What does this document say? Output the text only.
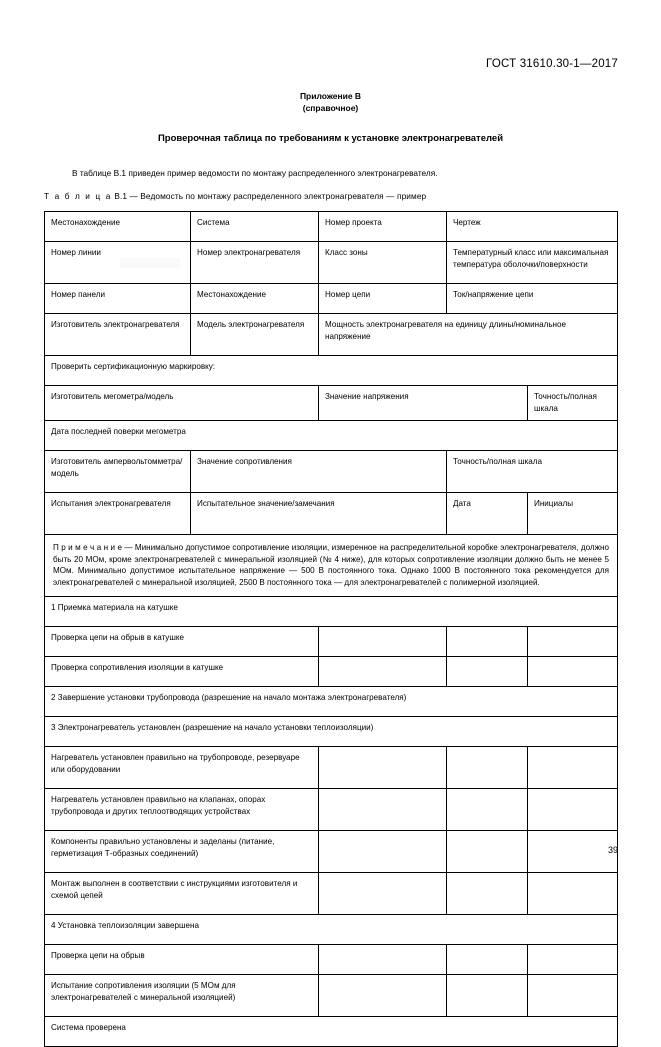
ГОСТ 31610.30-1—2017
Приложение В
(справочное)
Проверочная таблица по требованиям к установке электронагревателей
В таблице В.1 приведен пример ведомости по монтажу распределенного электронагревателя.
Т а б л и ц а В.1 — Ведомость по монтажу распределенного электронагревателя — пример
Местонахождение	Система	Номер проекта	Чертеж	
Номер линии	Номер электронагревателя	Класс зоны	Температурный класс или максимальная температура оболочки/поверхности	
Номер панели	Местонахождение	Номер цепи	Ток/напряжение цепи	
Изготовитель электронагревателя	Модель электронагревателя	Мощность электронагревателя на единицу длины/номинальное напряжение		
Проверить сертификационную маркировку:				
Изготовитель мегометра/модель		Значение напряжения		Точность/полная шкала
Дата последней поверки мегометра				
Изготовитель ампервольтомметра/модель	Значение сопротивления		Точность/полная шкала	
Испытания электронагревателя	Испытательное значение/замечания		Дата	Инициалы
П р и м е ч а н и е — Минимально допустимое сопротивление изоляции, измеренное на распределительной коробке электронагревателя, должно быть 20 МОм, кроме электронагревателей с минеральной изоляцией (№ 4 ниже), для которых сопротивление изоляции должно быть не менее 5 МОм. Минимально допустимое испытательное напряжение — 500 В постоянного тока. Однако 1000 В постоянного тока рекомендуется для электронагревателей с минеральной изоляцией, 2500 В постоянного тока — для электронагревателей с полимерной изоляцией.				
1 Приемка материала на катушке				
Проверка цепи на обрыв в катушке				
Проверка сопротивления изоляции в катушке				
2 Завершение установки трубопровода (разрешение на начало монтажа электронагревателя)				
3 Электронагреватель установлен (разрешение на начало установки теплоизоляции)				
Нагреватель установлен правильно на трубопроводе, резервуаре или оборудовании				
Нагреватель установлен правильно на клапанах, опорах трубопровода и других теплоотводящих устройствах				
Компоненты правильно установлены и заделаны (питание, герметизация Т-образных соединений)				
Монтаж выполнен в соответствии с инструкциями изготовителя и схемой цепей				
4 Установка теплоизоляции завершена				
Проверка цепи на обрыв				
Испытание сопротивления изоляции (5 МОм для электронагревателей с минеральной изоляцией)				
Система проверена				
39
